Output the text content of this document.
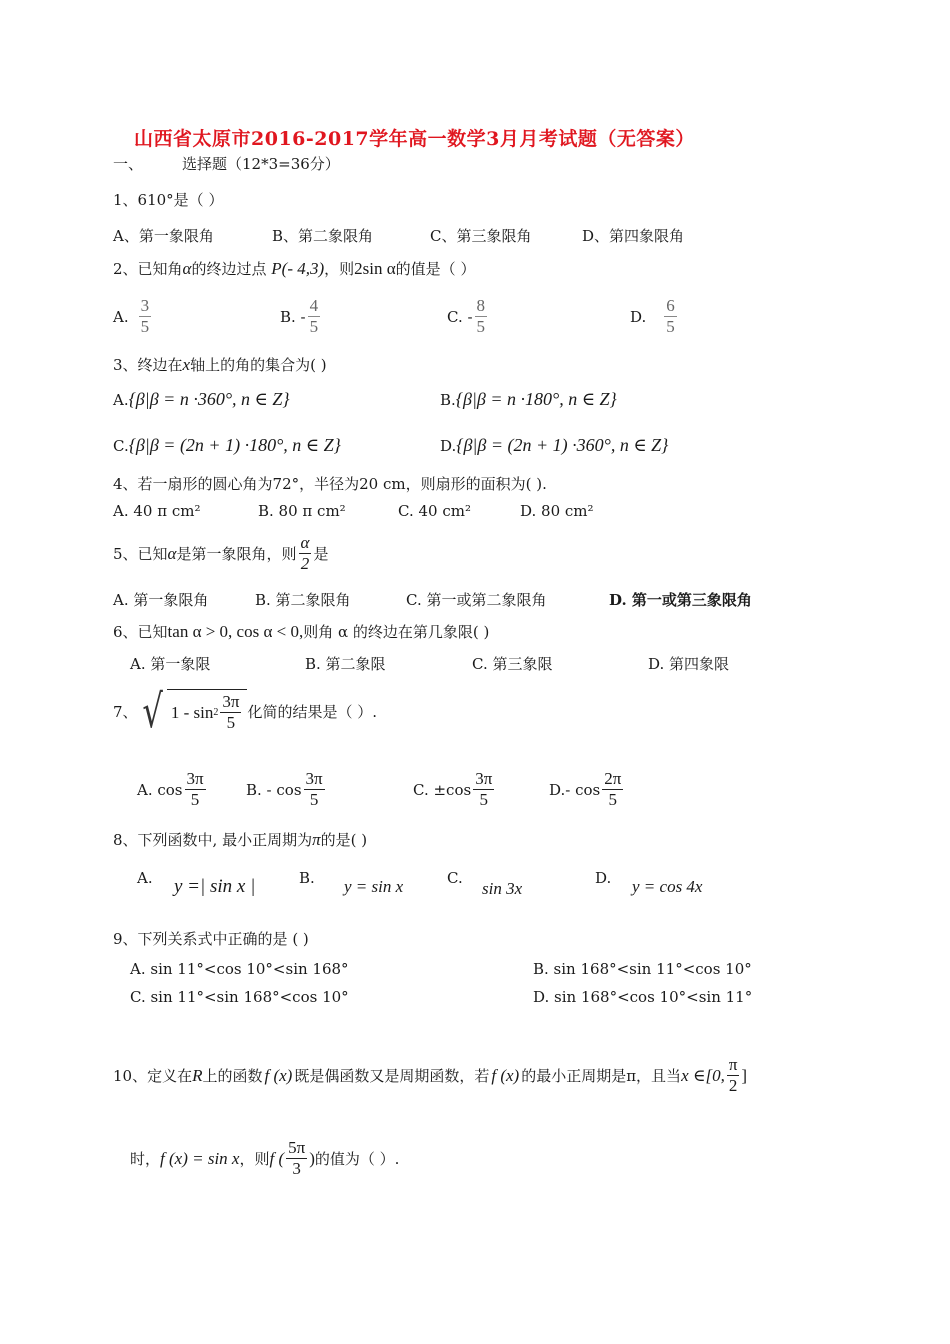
山西省太原市2016-2017学年高一数学3月月考试题（无答案）
一、	选择题（12*3=36分）
1、610°是（ ）
A、第一象限角	B、第二象限角	C、第三象限角	D、第四象限角
2、已知角α的终边过点 P(- 4,3)，则2sin α的值是（ ）
A. $\frac{3}{5}$	B. - $\frac{4}{5}$	C. - $\frac{8}{5}$	D. $\frac{6}{5}$
3、终边在x轴上的角的集合为( )
A.{β|β = n ·360°, n ∈ Z}	B.{β|β = n ·180°, n ∈ Z}
C.{β|β = (2n + 1) ·180°, n ∈ Z}	D.{β|β = (2n + 1) ·360°, n ∈ Z}
4、若一扇形的圆心角为72°，半径为20 cm，则扇形的面积为( ).
A. 40 π cm²	B. 80 π cm²	C. 40 cm²	D. 80 cm²
5、已知 α 是第一象限角，则 $\frac{\alpha}{2}$ 是
A. 第一象限角	B. 第二象限角	C. 第一或第二象限角	D. 第一或第三象限角
6、已知tan α > 0, cos α < 0,则角 α 的终边在第几象限( )
A. 第一象限	B. 第二象限	C. 第三象限	D. 第四象限
7、 √ $1 - \sin 2 \frac{3\pi}{5}$ 化简的结果是（ ）.
A. $\cos \frac{3\pi}{5}$	B. - $\cos \frac{3\pi}{5}$	C. $\pm\cos \frac{3\pi}{5}$	D.- $\cos \frac{2\pi}{5}$
8、下列函数中, 最小正周期为π的是( )
A. y =| sin x |	B. y = sin x	C.
sin 3x
D. y = cos 4x
9、下列关系式中正确的是 ( )
A. sin 11°<cos 10°<sin 168°	B. sin 168°<sin 11°<cos 10°
C. sin 11°<sin 168°<cos 10°	D. sin 168°<cos 10°<sin 11°
10、定义在 R 上的函数 f (x) 既是偶函数又是周期函数，若 f (x) 的最小正周期是π，且当 x ∈[0, $\frac{\pi}{2}$ ]
时， f (x) = sin x ，则 f ( $\frac{5\pi}{3}$ ) 的值为（ ）.
